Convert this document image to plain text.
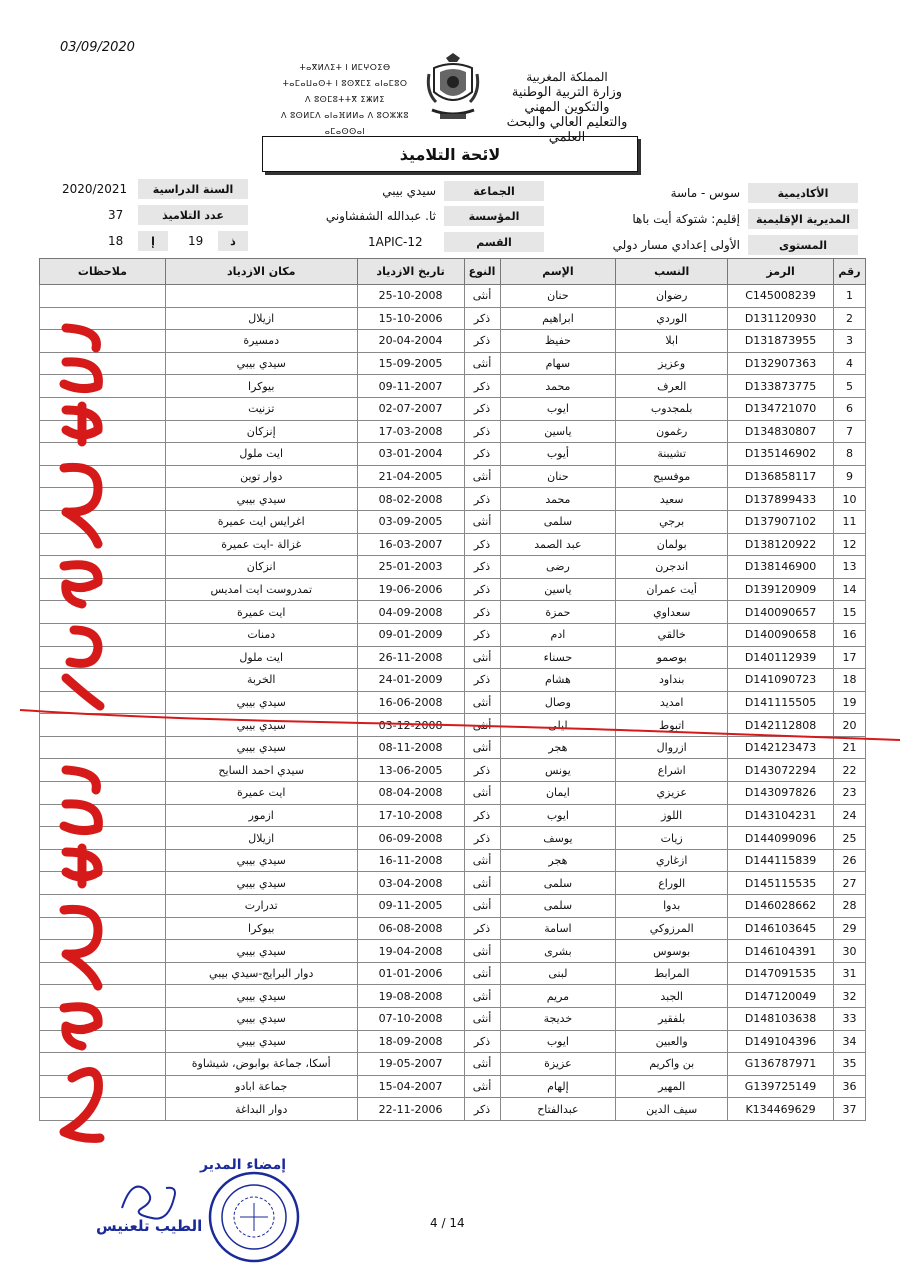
03/09/2020
ⵜⴰⴳⵍⴷⵉⵜ ⵏ ⵍⵎⵖⵔⵉⴱ
ⵜⴰⵎⴰⵡⴰⵙⵜ ⵏ ⵓⵙⴳⵎⵉ ⴰⵏⴰⵎⵓⵔ
ⴷ ⵓⵙⵎⵓⵜⵜⴳ ⵉⵥⵍⵉ
ⴷ ⵓⵙⵍⵎⴷ ⴰⵏⴰⴼⵍⵍⴰ ⴷ ⵓⵔⵣⵣⵓ ⴰⵎⴰⵙⵙⴰⵏ
المملكة المغربية
وزارة التربية الوطنية
والتكوين المهني
والتعليم العالي والبحث العلمي
لائحة التلاميذ
الأكاديمية
سوس - ماسة
المديرية الإقليمية
إقليم: شتوكة أيت باها
المستوى
الأولى إعدادي مسار دولي
الجماعة
سيدي بيبي
المؤسسة
ثا. عبدالله الشفشاوني
القسم
1APIC-12
السنة الدراسية
2020/2021
عدد التلاميذ
37
ذ
19
إ
18
رقم	الرمز	النسب	الإسم	النوع	تاريخ الازدياد	مكان الازدياد	ملاحظات
1	C145008239	رضوان	حنان	أنثى	25-10-2008		
2	D131120930	الوردي	ابراهيم	ذكر	15-10-2006	ازيلال	
3	D131873955	ابلا	حفيظ	ذكر	20-04-2004	دمسيرة	
4	D132907363	وعزيز	سهام	أنثى	15-09-2005	سيدي بيبي	
5	D133873775	العرف	محمد	ذكر	09-11-2007	بيوكرا	
6	D134721070	بلمجدوب	ايوب	ذكر	02-07-2007	تزنيت	
7	D134830807	رغمون	ياسين	ذكر	17-03-2008	إنزكان	
8	D135146902	تشيبنة	أيوب	ذكر	03-01-2004	ايت ملول	
9	D136858117	موفسيح	حنان	أنثى	21-04-2005	دوار توين	
10	D137899433	سعيد	محمد	ذكر	08-02-2008	سيدي بيبي	
11	D137907102	برجي	سلمى	أنثى	03-09-2005	اغرايس ايت عميرة	
12	D138120922	بولمان	عبد الصمد	ذكر	16-03-2007	غزالة -ايت عميرة	
13	D138146900	اندجرن	رضى	ذكر	25-01-2003	انزكان	
14	D139120909	أيت عمران	ياسين	ذكر	19-06-2006	تمدروست ايت امديس	
15	D140090657	سعداوي	حمزة	ذكر	04-09-2008	ايت عميرة	
16	D140090658	خالقي	ادم	ذكر	09-01-2009	دمنات	
17	D140112939	بوصمو	حسناء	أنثى	26-11-2008	ايت ملول	
18	D141090723	بنداود	هشام	ذكر	24-01-2009	الخربة	
19	D141115505	امديد	وصال	أنثى	16-06-2008	سيدي بيبي	
20	D142112808	اتبوط	ليلى	أنثى	03-12-2008	سيدي بيبي	
21	D142123473	ازروال	هجر	أنثى	08-11-2008	سيدي بيبي	
22	D143072294	اشراع	يونس	ذكر	13-06-2005	سيدي احمد السايح	
23	D143097826	عزيزي	ايمان	أنثى	08-04-2008	ايت عميرة	
24	D143104231	اللوز	ايوب	ذكر	17-10-2008	ازمور	
25	D144099096	زيات	يوسف	ذكر	06-09-2008	ازيلال	
26	D144115839	ازغاري	هجر	أنثى	16-11-2008	سيدي بيبي	
27	D145115535	الوراع	سلمى	أنثى	03-04-2008	سيدي بيبي	
28	D146028662	بدوا	سلمى	أنثى	09-11-2005	تدرارت	
29	D146103645	المرزوكي	اسامة	ذكر	06-08-2008	بيوكرا	
30	D146104391	بوسوس	بشرى	أنثى	19-04-2008	سيدي بيبي	
31	D147091535	المرابط	لبنى	أنثى	01-01-2006	دوار البرايج-سيدي بيبي	
32	D147120049	الجبد	مريم	أنثى	19-08-2008	سيدي بيبي	
33	D148103638	بلفقير	خديجة	أنثى	07-10-2008	سيدي بيبي	
34	D149104396	والعبين	ايوب	ذكر	18-09-2008	سيدي بيبي	
35	G136787971	بن واكريم	عزيزة	أنثى	19-05-2007	أسكا، جماعة بوابوض، شيشاوة	
36	G139725149	المهير	إلهام	أنثى	15-04-2007	جماعة ابادو	
37	K134469629	سيف الدين	عبدالفتاح	ذكر	22-11-2006	دوار البداغة	
الفوج 1
الفوج 2
إمضاء المدير
الطيب تلعنيس	4 / 14
